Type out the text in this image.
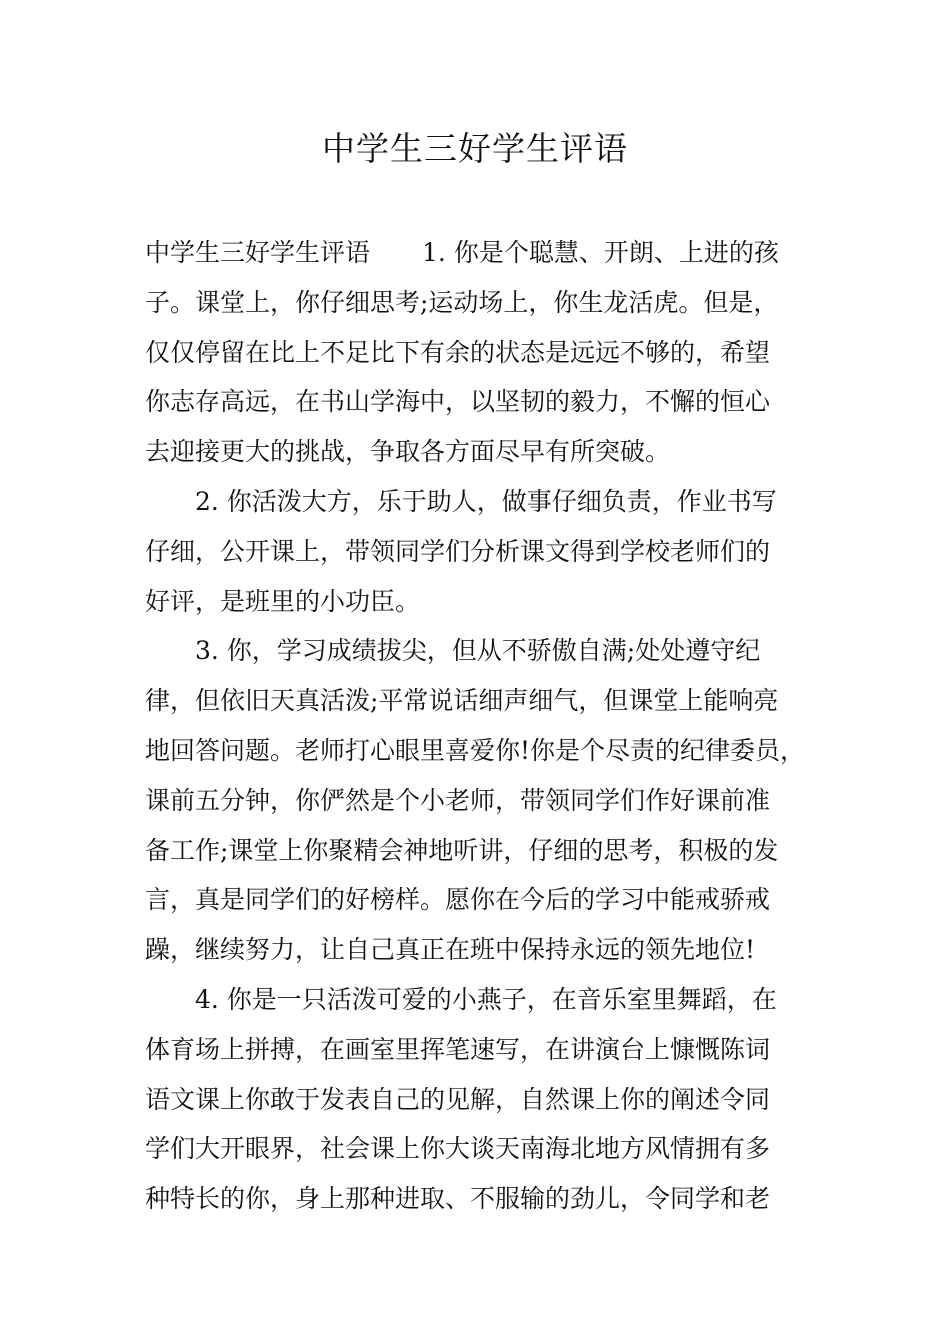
中学生三好学生评语
中学生三好学生评语 1. 你是个聪慧、开朗、上进的孩
子。课堂上，你仔细思考;运动场上，你生龙活虎。但是，
仅仅停留在比上不足比下有余的状态是远远不够的，希望
你志存高远，在书山学海中，以坚韧的毅力，不懈的恒心
去迎接更大的挑战，争取各方面尽早有所突破。
2. 你活泼大方，乐于助人，做事仔细负责，作业书写
仔细，公开课上，带领同学们分析课文得到学校老师们的
好评，是班里的小功臣。
3. 你，学习成绩拔尖，但从不骄傲自满;处处遵守纪
律，但依旧天真活泼;平常说话细声细气，但课堂上能响亮
地回答问题。老师打心眼里喜爱你!你是个尽责的纪律委员，
课前五分钟，你俨然是个小老师，带领同学们作好课前准
备工作;课堂上你聚精会神地听讲，仔细的思考，积极的发
言，真是同学们的好榜样。愿你在今后的学习中能戒骄戒
躁，继续努力，让自己真正在班中保持永远的领先地位!
4. 你是一只活泼可爱的小燕子，在音乐室里舞蹈，在
体育场上拼搏，在画室里挥笔速写，在讲演台上慷慨陈词
语文课上你敢于发表自己的见解，自然课上你的阐述令同
学们大开眼界，社会课上你大谈天南海北地方风情拥有多
种特长的你，身上那种进取、不服输的劲儿，令同学和老
